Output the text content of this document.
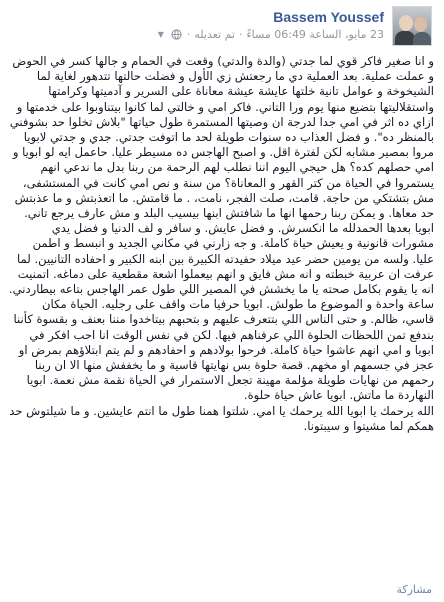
Bassem Youssef
23 مايو، الساعة 06:49 مساءً
·
تم تعديله
·
▼

و انا صغير فاكر قوي لما جدتي (والدة والدتي) وقعت في الحمام و جالها كسر في الحوض و عملت عملية. بعد العملية دي ما رجعتش زي الأول و فضلت حالتها تتدهور لغاية لما الشيخوخة و عوامل تانية خلتها عايشة عيشة معاناة على السرير و آدميتها وكرامتها واستقلاليتها بتضيع منها يوم ورا التاني. فاكر امي و خالتي لما كانوا بيتناوبوا على خدمتها و ازاي ده اثر في امي جدا لدرجة ان وصيتها المستمرة طول حياتها "بلاش تخلوا حد بشوفني بالمنظر ده". و فضل العذاب ده سنوات طويلة لحد ما اتوفت جدتي. جدي و جدتي لابويا مروا بمصير مشابه لكن لفترة اقل. و اصبح الهاجس ده مسيطر عليا. حاعمل ايه لو ابويا و امي حصلهم كده؟ هل حيجي اليوم اننا نطلب لهم الرحمة من ربنا بدل ما ندعي انهم يستمروا في الحياة من كتر القهر و المعاناة؟ من سنة و نص امي كانت في المستشفى، مش بتشتكي من حاجة. قامت، صلت الفجر، نامت، . ما قامتش. ما اتعذبتش و ما عذبتش حد معاها. و يمكن ربنا رحمها انها ما شافتش ابنها بيسيب البلد و مش عارف يرجع تاني. ابويا بعدها الحمدلله ما انكسرش. و فضل عايش. و سافر و لف الدنيا و فضل يدي مشورات قانونية و يعيش حياة كاملة. و جه زارني في مكاني الجديد و انبسط و اطمن عليا. ولسه من يومين حضر عيد ميلاد حفيدته الكبيرة بين ابنه الكبير و احفاده التانيين. لما عرفت ان عربية خبطته و انه مش فايق و انهم بيعملوا اشعة مقطعية على دماغه. اتمنيت انه يا يقوم بكامل صحته يا ما يخشش في المصير اللي طول عمر الهاجس بتاعه بيطاردني. ساعة واحدة و الموضوع ما طولش. ابويا حرفيا مات واقف على رجليه. الحياة مكان قاسي، ظالم. و حتى الناس اللي بتتعرف عليهم و بتحبهم بيتاخدوا مننا بعنف و بقسوة كأننا بندفع تمن اللحظات الحلوة اللي عرفناهم فيها. لكن في نفس الوقت انا احب افكر في ابويا و امي انهم عاشوا حياة كاملة. فرحوا بولادهم و احفادهم و لم يتم ابتلاؤهم بمرض او عجز في جسمهم او مخهم. قصة حلوة بس نهايتها قاسية و ما يخففش منها الا ان ربنا رحمهم من نهايات طويلة مؤلمة مهينة تجعل الاستمرار في الحياة نقمة مش نعمة. ابويا النهاردة ما ماتش. ابويا عاش حياة حلوة.
الله يرحمك يا ابويا الله يرحمك يا امي. شلتوا همنا طول ما انتم عايشين. و ما شيلتوش حد همكم لما مشيتوا و سيبتونا.

مشاركة
